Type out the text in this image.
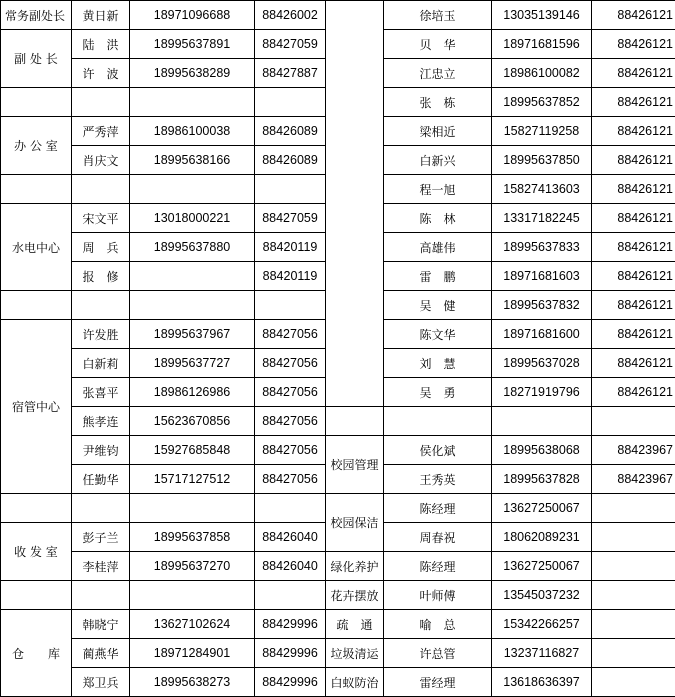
常务副处长	黄日新	18971096688	88426002		徐培玉	13035139146	88426121
副 处 长	陆　洪	18995637891	88427059		贝　华	18971681596	88426121
	许　波	18995638289	88427887		江忠立	18986100082	88426121
					张　栋	18995637852	88426121
办 公 室	严秀萍	18986100038	88426089		梁相近	15827119258	88426121
	肖庆文	18995638166	88426089		白新兴	18995637850	88426121
					程一旭	15827413603	88426121
水电中心	宋文平	13018000221	88427059		陈　林	13317182245	88426121
	周　兵	18995637880	88420119		高雄伟	18995637833	88426121
	报　修		88420119		雷　鹏	18971681603	88426121
					吴　健	18995637832	88426121
宿管中心	许发胜	18995637967	88427056		陈文华	18971681600	88426121
	白新莉	18995637727	88427056		刘　慧	18995637028	88426121
	张喜平	18986126986	88427056		吴　勇	18271919796	88426121
	熊孝连	15623670856	88427056				
	尹维钧	15927685848	88427056	校园管理	侯化斌	18995638068	88423967
	任勤华	15717127512	88427056		王秀英	18995637828	88423967
				校园保洁	陈经理	13627250067	
收 发 室	彭子兰	18995637858	88426040		周春祝	18062089231	
	李桂萍	18995637270	88426040	绿化养护	陈经理	13627250067	
				花卉摆放	叶师傅	13545037232	
仓　　库	韩晓宁	13627102624	88429996	疏　通	喻　总	15342266257	
	蔺燕华	18971284901	88429996	垃圾清运	许总管	13237116827	
	郑卫兵	18995638273	88429996	白蚁防治	雷经理	13618636397	
